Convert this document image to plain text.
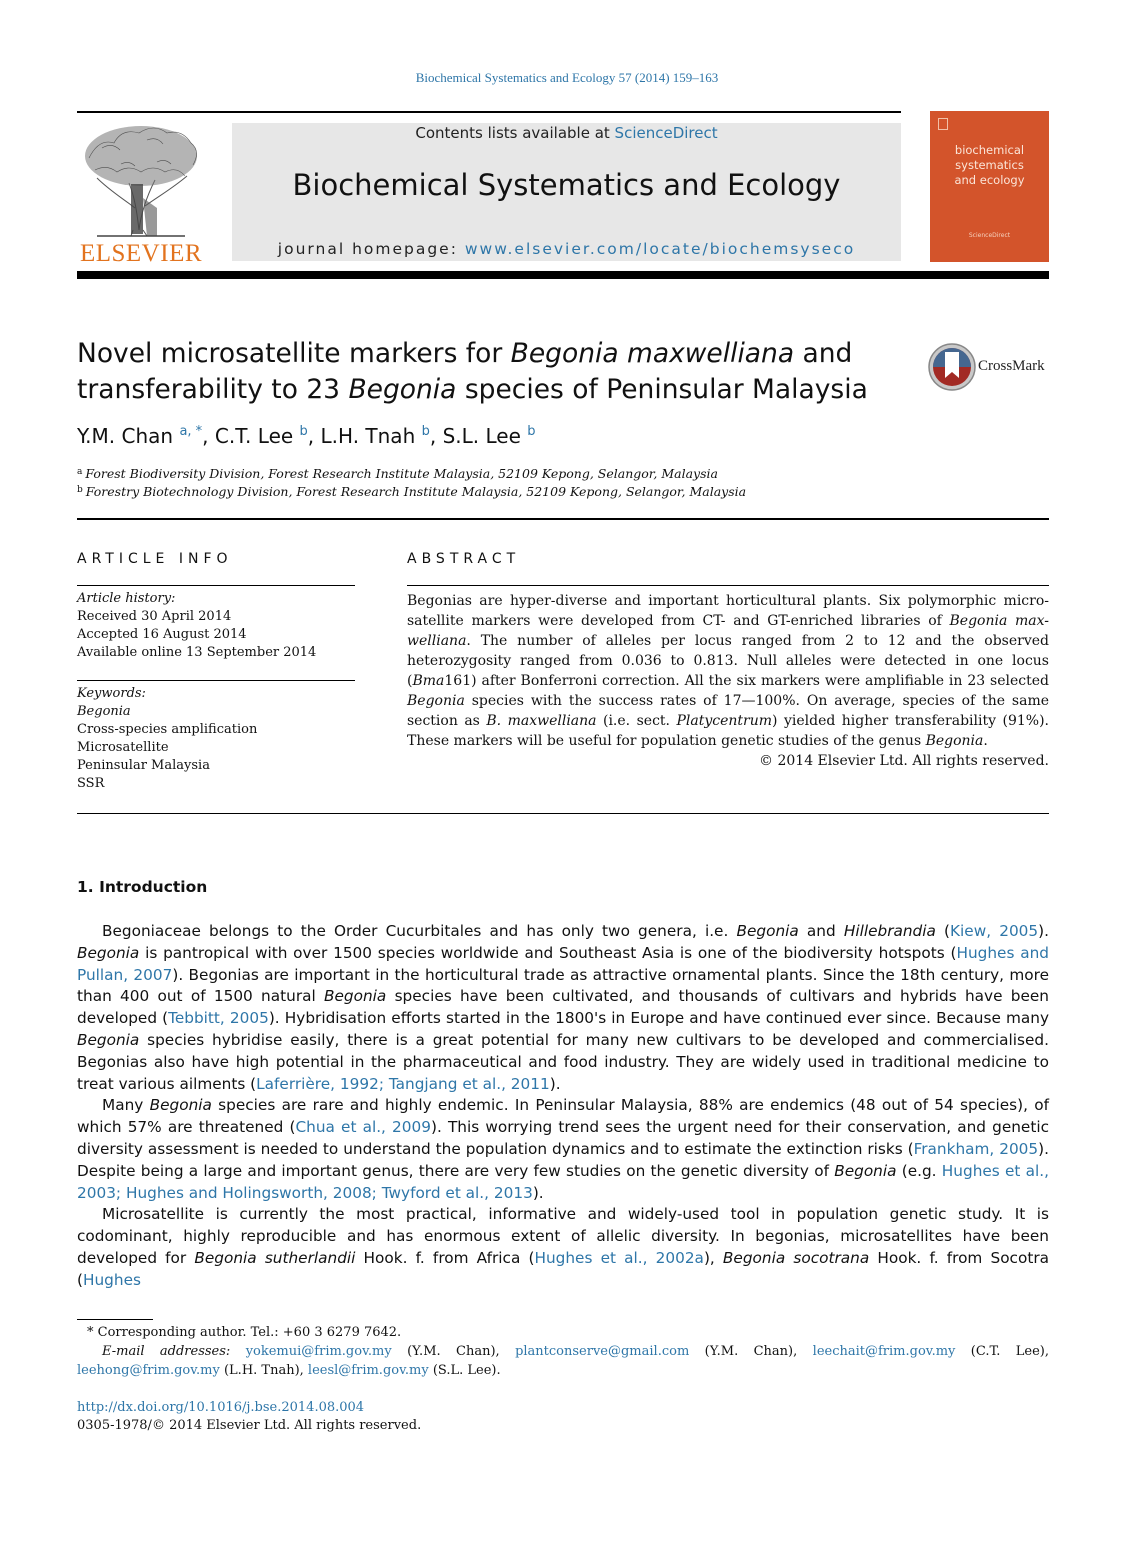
Biochemical Systematics and Ecology 57 (2014) 159–163
ELSEVIER
Contents lists available at ScienceDirect
Biochemical Systematics and Ecology
journal homepage: www.elsevier.com/locate/biochemsyseco
biochemical
systematics
and ecology
ScienceDirect
Novel microsatellite markers for Begonia maxwelliana and
transferability to 23 Begonia species of Peninsular Malaysia
CrossMark
Y.M. Chan $^{a, *}$, C.T. Lee $^b$, L.H. Tnah $^b$, S.L. Lee $^b$
$^a$ Forest Biodiversity Division, Forest Research Institute Malaysia, 52109 Kepong, Selangor, Malaysia
$^b$ Forestry Biotechnology Division, Forest Research Institute Malaysia, 52109 Kepong, Selangor, Malaysia
ARTICLE INFO
Article history:
Received 30 April 2014
Accepted 16 August 2014
Available online 13 September 2014
Keywords:
Begonia
Cross-species amplification
Microsatellite
Peninsular Malaysia
SSR
ABSTRACT
Begonias are hyper-diverse and important horticultural plants. Six polymorphic micro-satellite markers were developed from CT- and GT-enriched libraries of Begonia max-welliana. The number of alleles per locus ranged from 2 to 12 and the observed heterozygosity ranged from 0.036 to 0.813. Null alleles were detected in one locus (Bma161) after Bonferroni correction. All the six markers were amplifiable in 23 selected Begonia species with the success rates of 17—100%. On average, species of the same section as B. maxwelliana (i.e. sect. Platycentrum) yielded higher transferability (91%). These markers will be useful for population genetic studies of the genus Begonia.
© 2014 Elsevier Ltd. All rights reserved.
1. Introduction

Begoniaceae belongs to the Order Cucurbitales and has only two genera, i.e. Begonia and Hillebrandia (Kiew, 2005). Begonia is pantropical with over 1500 species worldwide and Southeast Asia is one of the biodiversity hotspots (Hughes and Pullan, 2007). Begonias are important in the horticultural trade as attractive ornamental plants. Since the 18th century, more than 400 out of 1500 natural Begonia species have been cultivated, and thousands of cultivars and hybrids have been developed (Tebbitt, 2005). Hybridisation efforts started in the 1800's in Europe and have continued ever since. Because many Begonia species hybridise easily, there is a great potential for many new cultivars to be developed and commercialised. Begonias also have high potential in the pharmaceutical and food industry. They are widely used in traditional medicine to treat various ailments (Laferrière, 1992; Tangjang et al., 2011).

Many Begonia species are rare and highly endemic. In Peninsular Malaysia, 88% are endemics (48 out of 54 species), of which 57% are threatened (Chua et al., 2009). This worrying trend sees the urgent need for their conservation, and genetic diversity assessment is needed to understand the population dynamics and to estimate the extinction risks (Frankham, 2005). Despite being a large and important genus, there are very few studies on the genetic diversity of Begonia (e.g. Hughes et al., 2003; Hughes and Holingsworth, 2008; Twyford et al., 2013).

Microsatellite is currently the most practical, informative and widely-used tool in population genetic study. It is codominant, highly reproducible and has enormous extent of allelic diversity. In begonias, microsatellites have been developed for Begonia sutherlandii Hook. f. from Africa (Hughes et al., 2002a), Begonia socotrana Hook. f. from Socotra (Hughes

* Corresponding author. Tel.: +60 3 6279 7642.
E-mail addresses: yokemui@frim.gov.my (Y.M. Chan), plantconserve@gmail.com (Y.M. Chan), leechait@frim.gov.my (C.T. Lee), leehong@frim.gov.my (L.H. Tnah), leesl@frim.gov.my (S.L. Lee).
http://dx.doi.org/10.1016/j.bse.2014.08.004
0305-1978/© 2014 Elsevier Ltd. All rights reserved.
